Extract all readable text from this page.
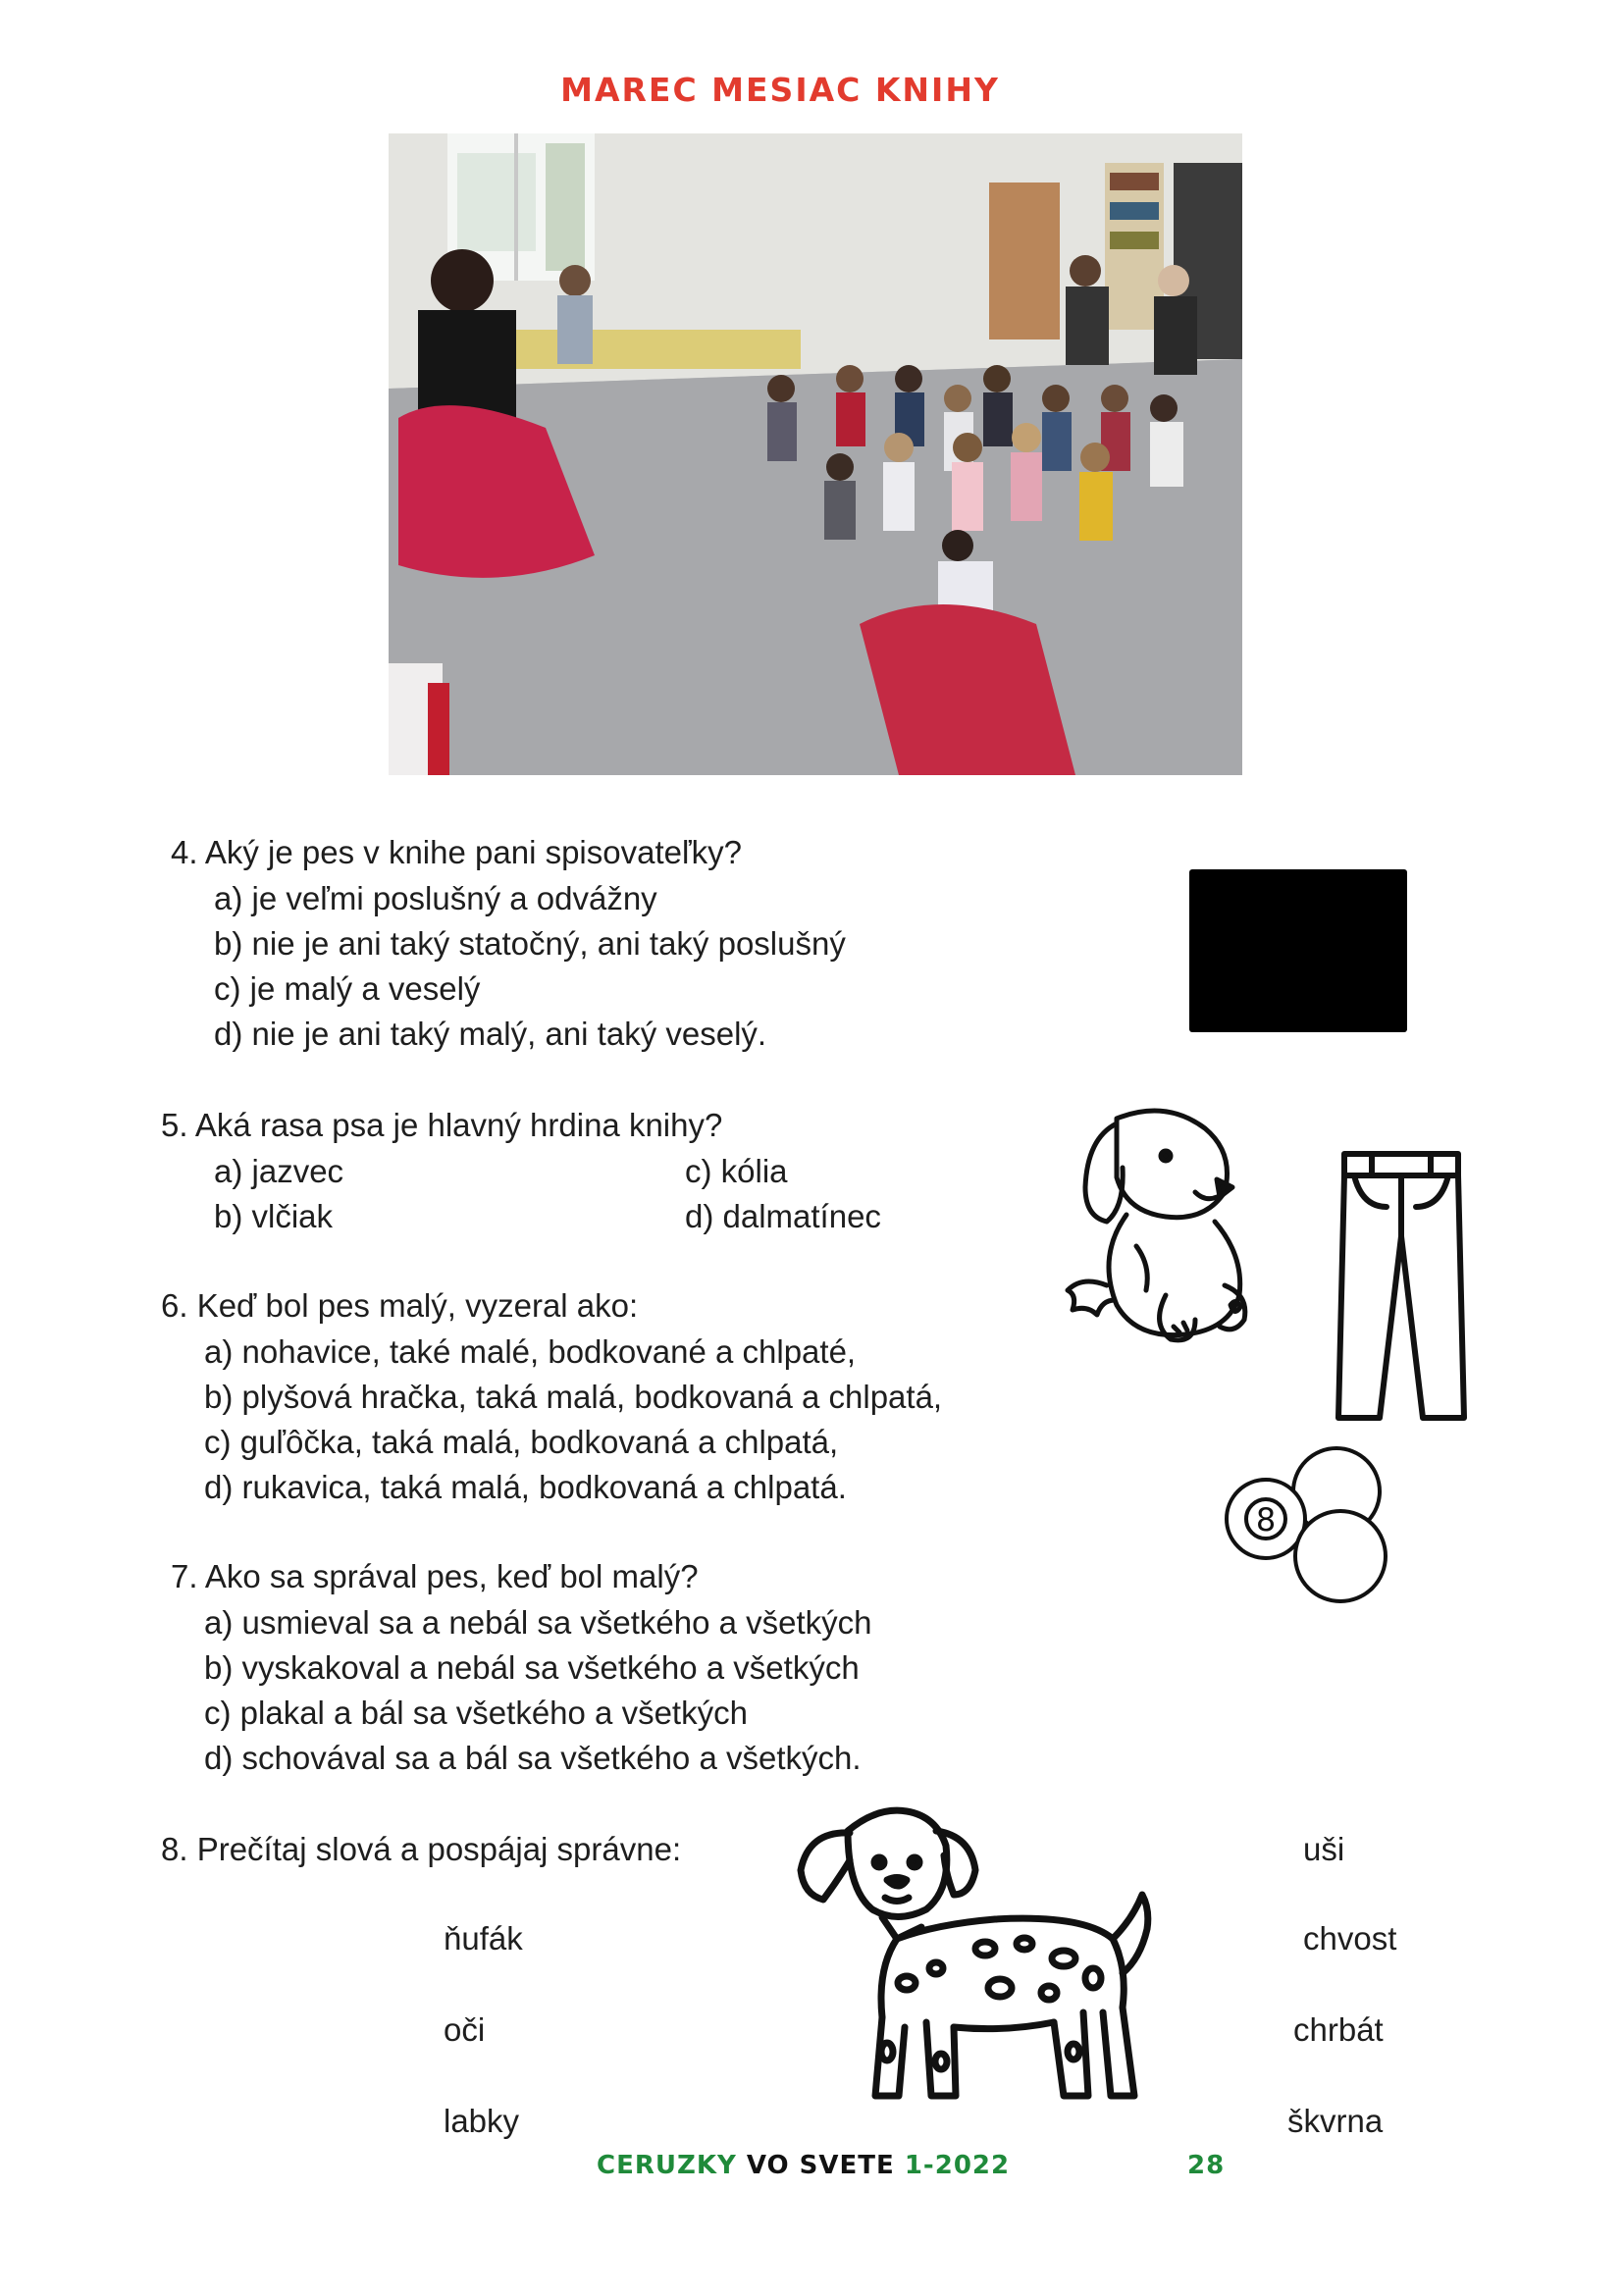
MAREC MESIAC KNIHY
4. Aký je pes v knihe pani spisovateľky?
a) je veľmi poslušný a odvážny
b) nie je ani taký statočný, ani taký poslušný
c) je malý a veselý
d) nie je ani taký malý, ani taký veselý.
5. Aká rasa psa je hlavný hrdina knihy?
a) jazvec
b) vlčiak
c) kólia
d) dalmatínec
6. Keď bol pes malý, vyzeral ako:
a) nohavice, také malé, bodkované a chlpaté,
b) plyšová hračka, taká malá, bodkovaná a chlpatá,
c) guľôčka, taká malá, bodkovaná a chlpatá,
d) rukavica, taká malá, bodkovaná a chlpatá.
8
7. Ako sa správal pes, keď bol malý?
a) usmieval sa a nebál sa všetkého a všetkých
b) vyskakoval a nebál sa všetkého a všetkých
c) plakal a bál sa všetkého a všetkých
d) schovával sa a bál sa všetkého a všetkých.
8. Prečítaj slová a pospájaj správne:
ňufák
oči
labky
uši
chvost
chrbát
škvrna
CERUZKY VO SVETE 1-2022	28
